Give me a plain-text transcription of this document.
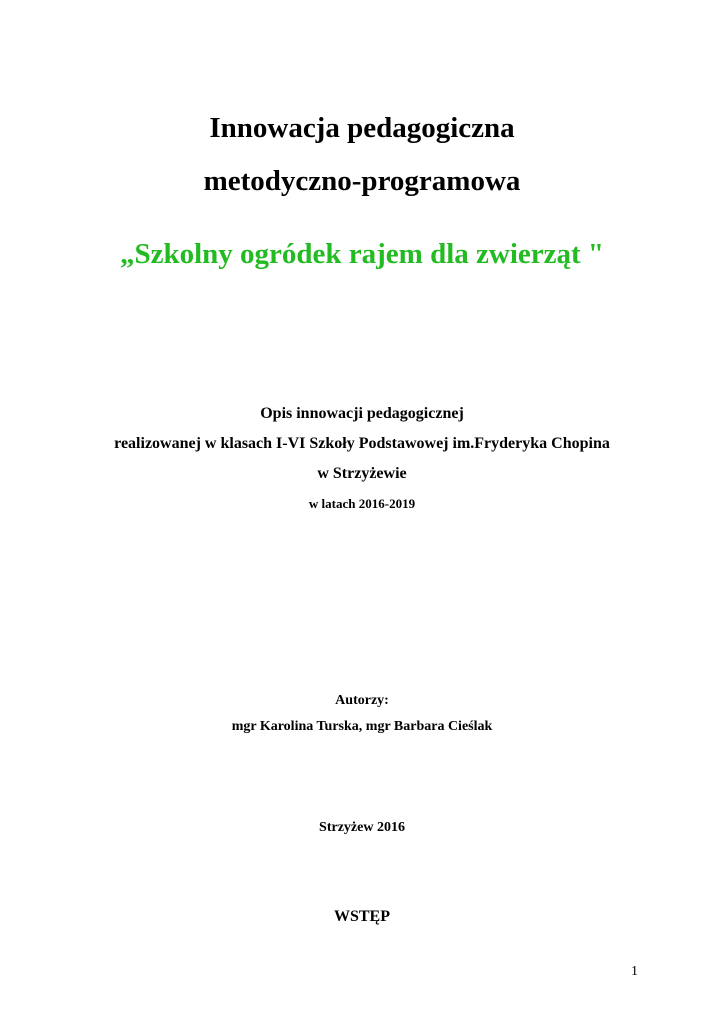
Innowacja pedagogiczna
metodyczno-programowa
„Szkolny ogródek rajem dla zwierząt "
Opis innowacji pedagogicznej
realizowanej w klasach I-VI Szkoły Podstawowej im.Fryderyka Chopina
w Strzyżewie
w latach 2016-2019
Autorzy:
mgr Karolina Turska, mgr Barbara Cieślak
Strzyżew 2016
WSTĘP
1
